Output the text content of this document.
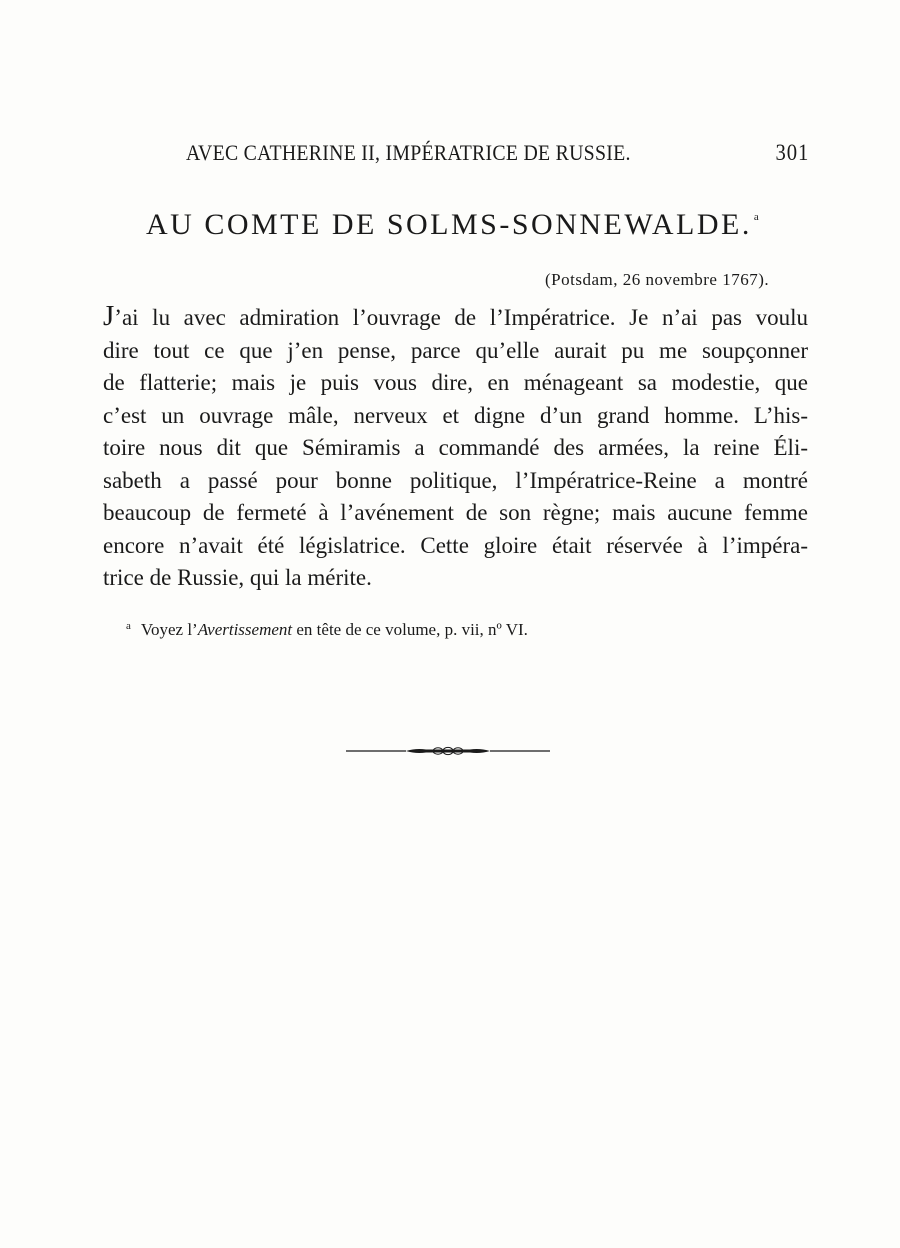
AVEC CATHERINE II, IMPÉRATRICE DE RUSSIE.	301
AU COMTE DE SOLMS-SONNEWALDE. $^a$
(Potsdam, 26 novembre 1767).
J’ai lu avec admiration l’ouvrage de l’Impératrice. Je n’ai pas voulu
dire tout ce que j’en pense, parce qu’elle aurait pu me soupçonner
de flatterie; mais je puis vous dire, en ménageant sa modestie, que
c’est un ouvrage mâle, nerveux et digne d’un grand homme. L’his-
toire nous dit que Sémiramis a commandé des armées, la reine Éli-
sabeth a passé pour bonne politique, l’Impératrice-Reine a montré
beaucoup de fermeté à l’avénement de son règne; mais aucune femme
encore n’avait été législatrice. Cette gloire était réservée à l’impéra-
trice de Russie, qui la mérite.
$^a$ Voyez l’Avertissement en tête de ce volume, p. vii, nº VI.
